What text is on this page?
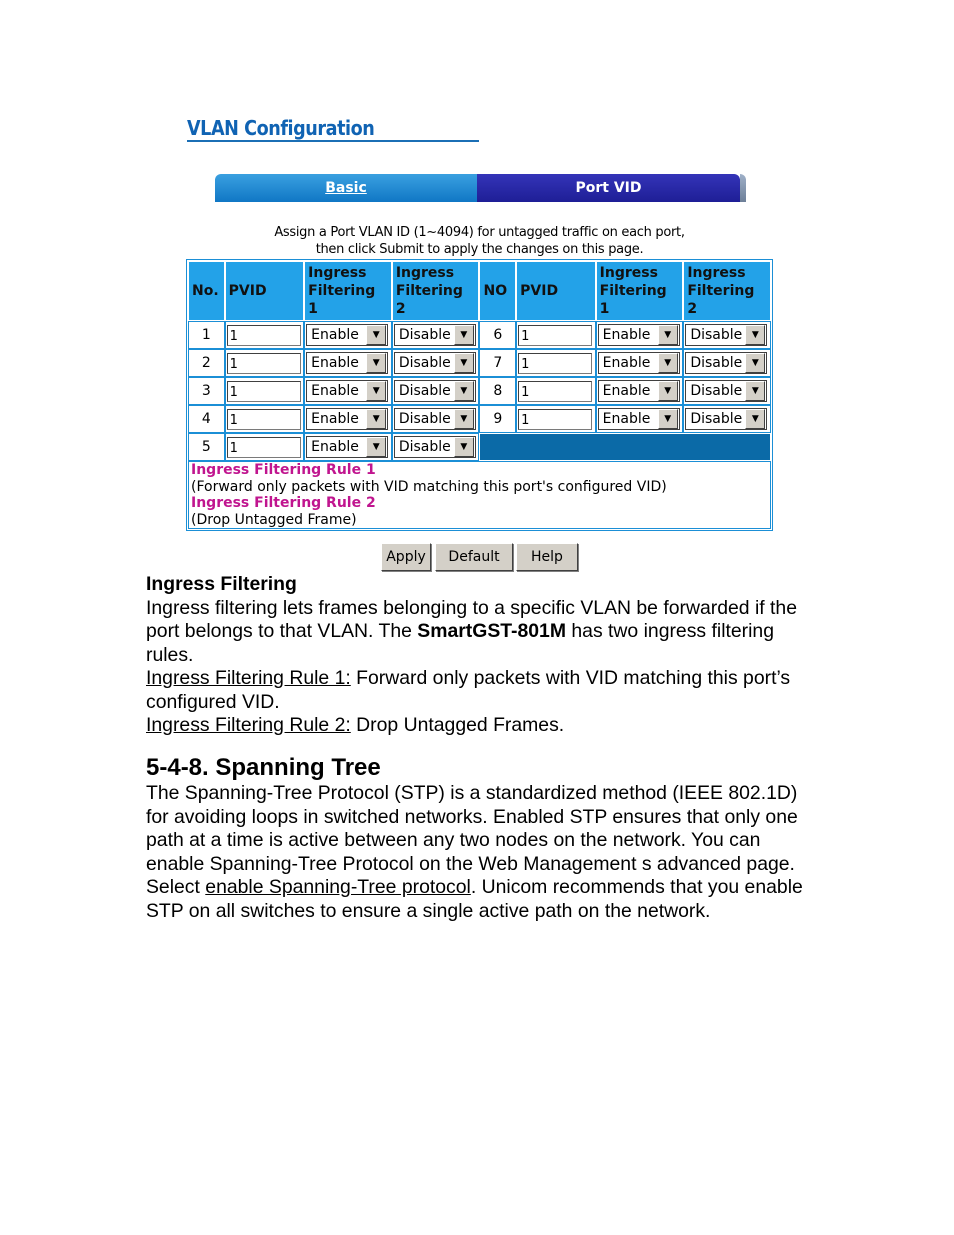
VLAN Configuration
Basic	Port VID
Assign a Port VLAN ID (1~4094) for untagged traffic on each port,
then click Submit to apply the changes on this page.
No.	PVID	Ingress Filtering 1	Ingress Filtering 2	NO	PVID	Ingress Filtering 1	Ingress Filtering 2
1	1	Enable ▼	Disable ▼	6	1	Enable ▼	Disable ▼

2	1	Enable ▼	Disable ▼	7	1	Enable ▼	Disable ▼

3	1	Enable ▼	Disable ▼	8	1	Enable ▼	Disable ▼

4	1	Enable ▼	Disable ▼	9	1	Enable ▼	Disable ▼

5	1	Enable ▼	Disable ▼				

Ingress Filtering Rule 1
(Forward only packets with VID matching this port's configured VID)
Ingress Filtering Rule 2
(Drop Untagged Frame)							
Apply	Default	Help

Ingress Filtering

Ingress filtering lets frames belonging to a specific VLAN be forwarded if the port belongs to that VLAN. The SmartGST-801M has two ingress filtering rules.

Ingress Filtering Rule 1: Forward only packets with VID matching this port’s configured VID.

Ingress Filtering Rule 2: Drop Untagged Frames.

5-4-8. Spanning Tree

The Spanning-Tree Protocol (STP) is a standardized method (IEEE 802.1D) for avoiding loops in switched networks. Enabled STP ensures that only one path at a time is active between any two nodes on the network. You can enable Spanning-Tree Protocol on the Web Management s advanced page. Select enable Spanning-Tree protocol. Unicom recommends that you enable STP on all switches to ensure a single active path on the network.
